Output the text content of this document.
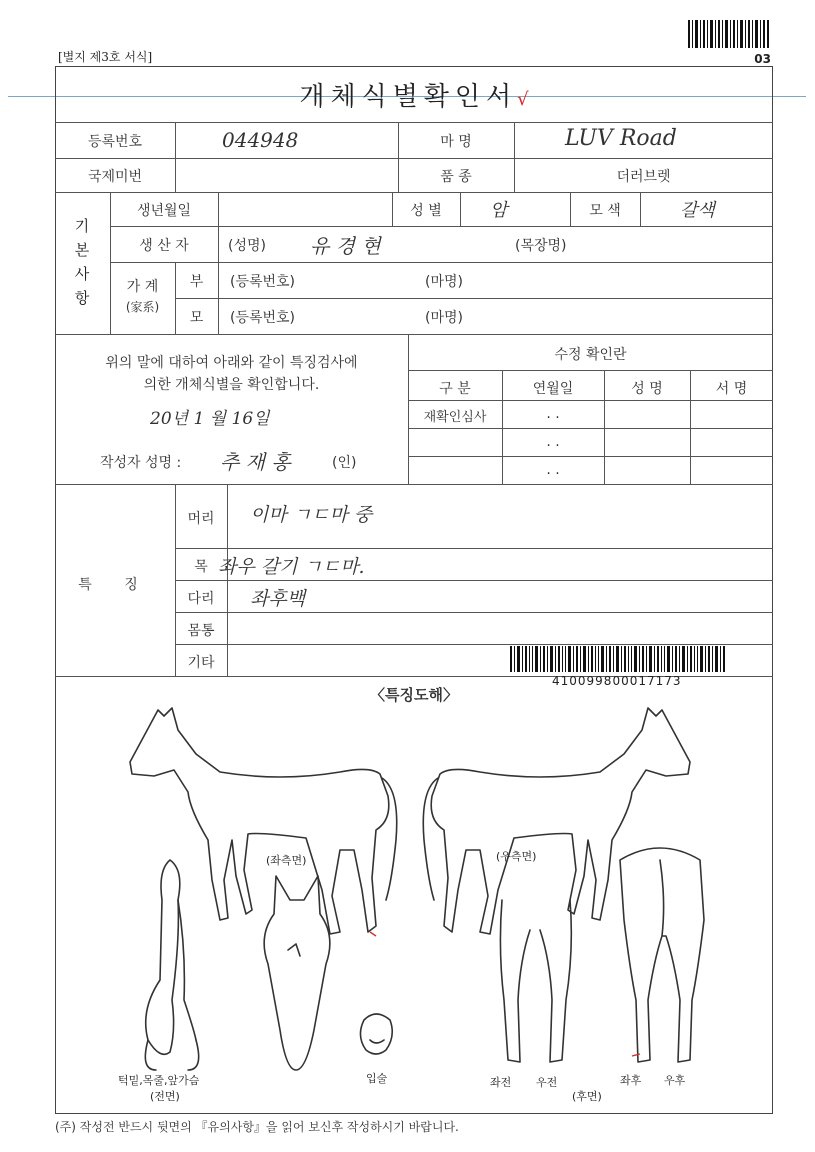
[별지 제3호 서식]	03
개체식별확인서√
등록번호	044948	마 명	LUV Road
국제미번	품 종	더러브렛
기
본
사
항
생년월일	성 별	암	모 색	갈색
생 산 자	(성명) 유 경 현	(목장명)
가 계
(家系)
부	(등록번호)	(마명)
모	(등록번호)	(마명)
위의 말에 대하여 아래와 같이 특징검사에
의한 개체식별을 확인합니다.
20년 1 월 16일
작성자 성명 : 추 재 홍	(인)
수정 확인란
구 분	연월일	성 명	서 명
재확인심사	. .
. .
. .
특 징
머리	이마 ㄱㄷ마 중
목 좌우 갈기 ㄱㄷ마.
다리	좌후백
몸통
기타
410099800017173
〈특징도해〉
(좌측면)	(우측면)
턱밑,목줄,앞가슴
(전면)
입술	좌전 우전
(후면)
좌후 우후
(주) 작성전 반드시 뒷면의 『유의사항』을 읽어 보신후 작성하시기 바랍니다.
